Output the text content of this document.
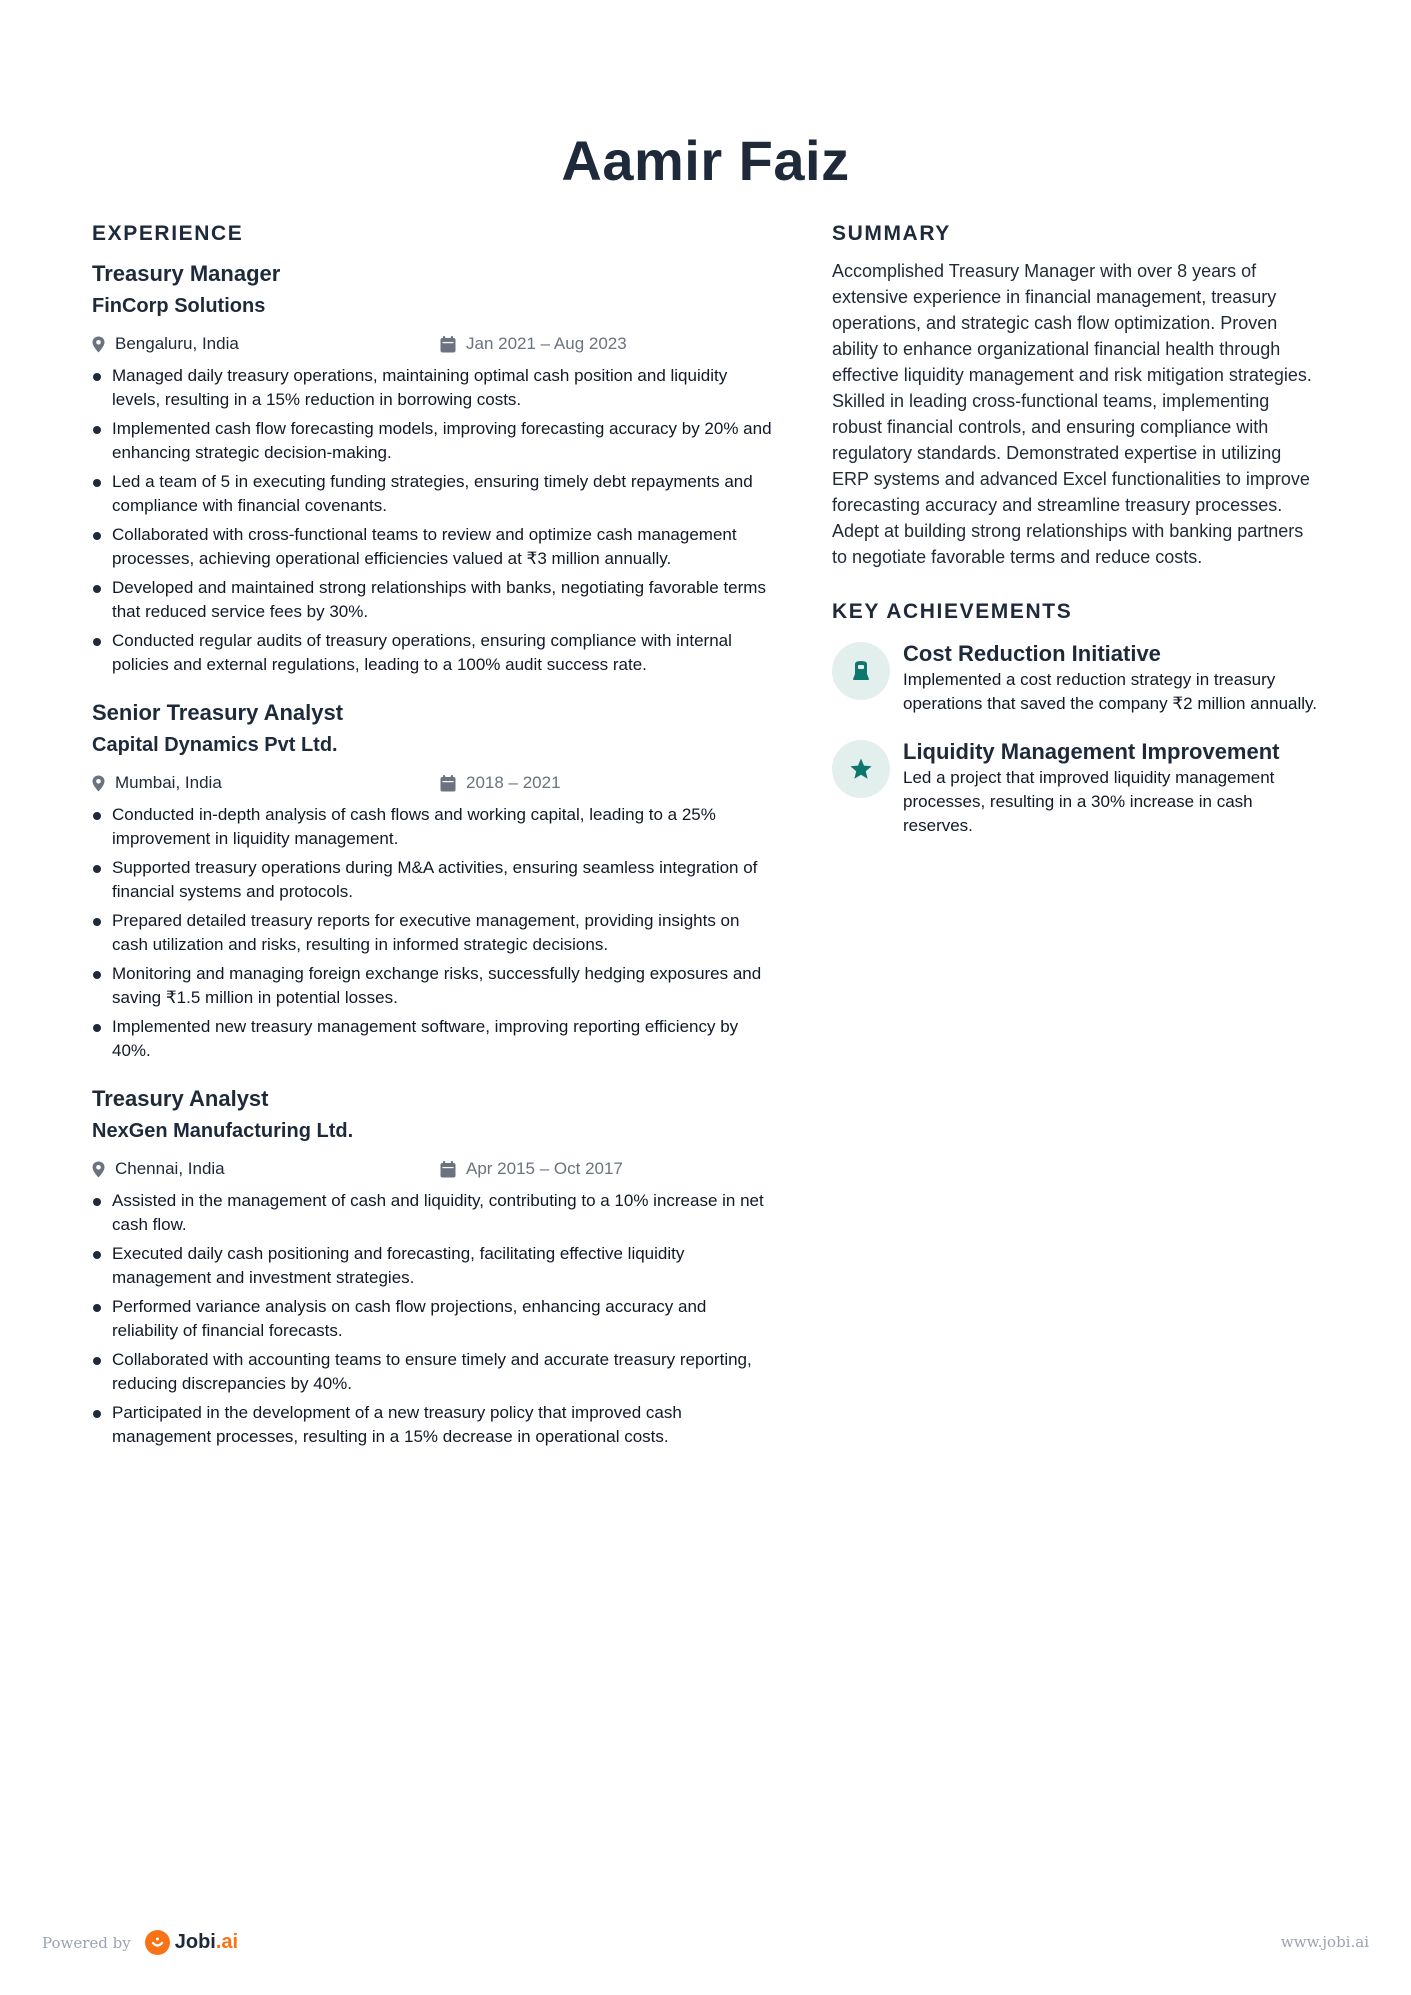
Aamir Faiz
EXPERIENCE
Treasury Manager
FinCorp Solutions
Bengaluru, India	Jan 2021 – Aug 2023
Managed daily treasury operations, maintaining optimal cash position and liquidity levels, resulting in a 15% reduction in borrowing costs.
Implemented cash flow forecasting models, improving forecasting accuracy by 20% and enhancing strategic decision-making.
Led a team of 5 in executing funding strategies, ensuring timely debt repayments and compliance with financial covenants.
Collaborated with cross-functional teams to review and optimize cash management processes, achieving operational efficiencies valued at ₹3 million annually.
Developed and maintained strong relationships with banks, negotiating favorable terms that reduced service fees by 30%.
Conducted regular audits of treasury operations, ensuring compliance with internal policies and external regulations, leading to a 100% audit success rate.
Senior Treasury Analyst
Capital Dynamics Pvt Ltd.
Mumbai, India	2018 – 2021
Conducted in-depth analysis of cash flows and working capital, leading to a 25% improvement in liquidity management.
Supported treasury operations during M&A activities, ensuring seamless integration of financial systems and protocols.
Prepared detailed treasury reports for executive management, providing insights on cash utilization and risks, resulting in informed strategic decisions.
Monitoring and managing foreign exchange risks, successfully hedging exposures and saving ₹1.5 million in potential losses.
Implemented new treasury management software, improving reporting efficiency by 40%.
Treasury Analyst
NexGen Manufacturing Ltd.
Chennai, India	Apr 2015 – Oct 2017
Assisted in the management of cash and liquidity, contributing to a 10% increase in net cash flow.
Executed daily cash positioning and forecasting, facilitating effective liquidity management and investment strategies.
Performed variance analysis on cash flow projections, enhancing accuracy and reliability of financial forecasts.
Collaborated with accounting teams to ensure timely and accurate treasury reporting, reducing discrepancies by 40%.
Participated in the development of a new treasury policy that improved cash management processes, resulting in a 15% decrease in operational costs.
SUMMARY

Accomplished Treasury Manager with over 8 years of extensive experience in financial management, treasury operations, and strategic cash flow optimization. Proven ability to enhance organizational financial health through effective liquidity management and risk mitigation strategies. Skilled in leading cross-functional teams, implementing robust financial controls, and ensuring compliance with regulatory standards. Demonstrated expertise in utilizing ERP systems and advanced Excel functionalities to improve forecasting accuracy and streamline treasury processes. Adept at building strong relationships with banking partners to negotiate favorable terms and reduce costs.

KEY ACHIEVEMENTS
Cost Reduction Initiative
Implemented a cost reduction strategy in treasury operations that saved the company ₹2 million annually.
Liquidity Management Improvement
Led a project that improved liquidity management processes, resulting in a 30% increase in cash reserves.
Powered by Jobi .ai	www.jobi.ai
